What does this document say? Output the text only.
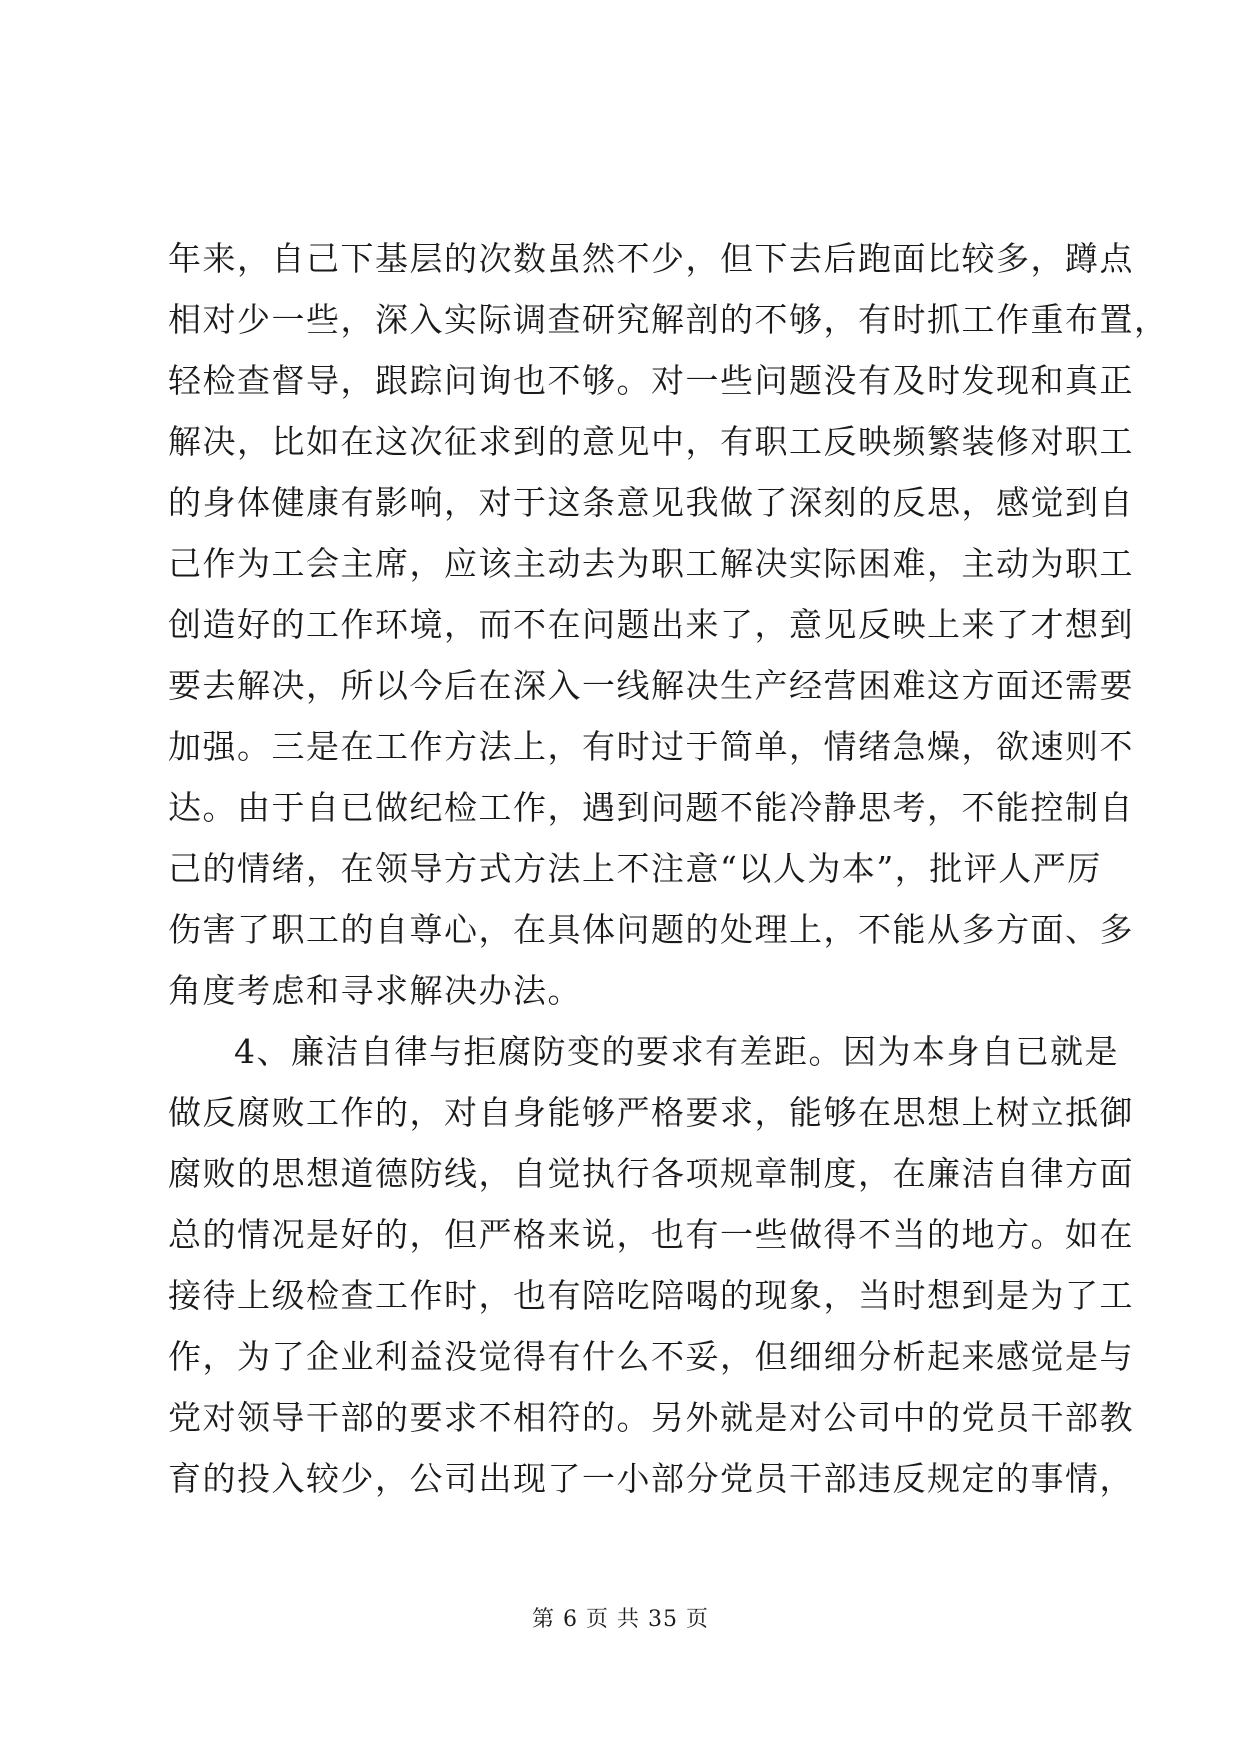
年来，自己下基层的次数虽然不少，但下去后跑面比较多，蹲点
相对少一些，深入实际调查研究解剖的不够，有时抓工作重布置，
轻检查督导，跟踪问询也不够。对一些问题没有及时发现和真正
解决，比如在这次征求到的意见中，有职工反映频繁装修对职工
的身体健康有影响，对于这条意见我做了深刻的反思，感觉到自
己作为工会主席，应该主动去为职工解决实际困难，主动为职工
创造好的工作环境，而不在问题出来了，意见反映上来了才想到
要去解决，所以今后在深入一线解决生产经营困难这方面还需要
加强。三是在工作方法上，有时过于简单，情绪急燥，欲速则不
达。由于自已做纪检工作，遇到问题不能冷静思考，不能控制自
己的情绪，在领导方式方法上不注意“以人为本”，批评人严厉
伤害了职工的自尊心，在具体问题的处理上，不能从多方面、多
角度考虑和寻求解决办法。
4、廉洁自律与拒腐防变的要求有差距。因为本身自已就是
做反腐败工作的，对自身能够严格要求，能够在思想上树立抵御
腐败的思想道德防线，自觉执行各项规章制度，在廉洁自律方面
总的情况是好的，但严格来说，也有一些做得不当的地方。如在
接待上级检查工作时，也有陪吃陪喝的现象，当时想到是为了工
作，为了企业利益没觉得有什么不妥，但细细分析起来感觉是与
党对领导干部的要求不相符的。另外就是对公司中的党员干部教
育的投入较少，公司出现了一小部分党员干部违反规定的事情，
第 6 页 共 35 页
